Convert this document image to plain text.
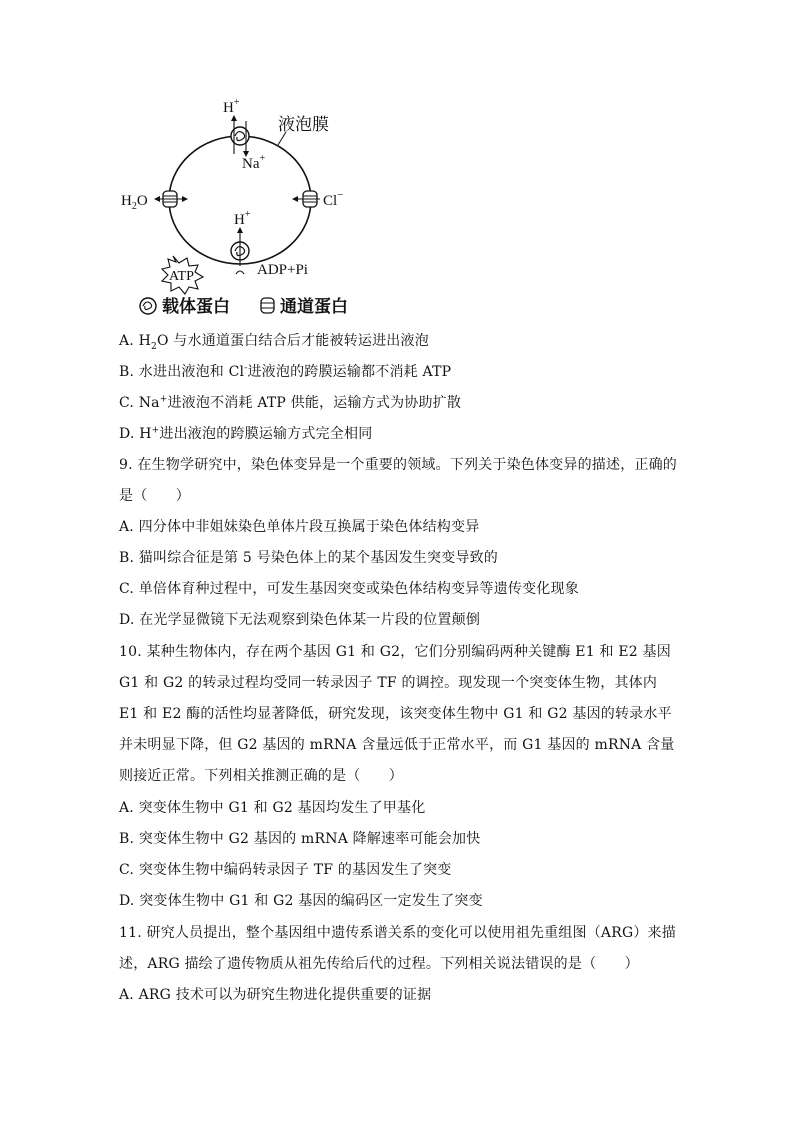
液泡膜
H+
Na+
$H_2O$	Cl−
H+
ATP	ADP+Pi
载体蛋白	通道蛋白
A. $H_2O$ 与水通道蛋白结合后才能被转运进出液泡
B. 水进出液泡和 Cl-进液泡的跨膜运输都不消耗 ATP
C. Na+进液泡不消耗 ATP 供能，运输方式为协助扩散
D. H+进出液泡的跨膜运输方式完全相同
9. 在生物学研究中，染色体变异是一个重要的领域。下列关于染色体变异的描述，正确的
是（　　）
A. 四分体中非姐妹染色单体片段互换属于染色体结构变异
B. 猫叫综合征是第 5 号染色体上的某个基因发生突变导致的
C. 单倍体育种过程中，可发生基因突变或染色体结构变异等遗传变化现象
D. 在光学显微镜下无法观察到染色体某一片段的位置颠倒
10. 某种生物体内，存在两个基因 G1 和 G2，它们分别编码两种关键酶 E1 和 E2 基因
G1 和 G2 的转录过程均受同一转录因子 TF 的调控。现发现一个突变体生物，其体内
E1 和 E2 酶的活性均显著降低，研究发现，该突变体生物中 G1 和 G2 基因的转录水平
并未明显下降，但 G2 基因的 mRNA 含量远低于正常水平，而 G1 基因的 mRNA 含量
则接近正常。下列相关推测正确的是（　　）
A. 突变体生物中 G1 和 G2 基因均发生了甲基化
B. 突变体生物中 G2 基因的 mRNA 降解速率可能会加快
C. 突变体生物中编码转录因子 TF 的基因发生了突变
D. 突变体生物中 G1 和 G2 基因的编码区一定发生了突变
11. 研究人员提出，整个基因组中遗传系谱关系的变化可以使用祖先重组图（ARG）来描
述，ARG 描绘了遗传物质从祖先传给后代的过程。下列相关说法错误的是（　　）
A. ARG 技术可以为研究生物进化提供重要的证据
